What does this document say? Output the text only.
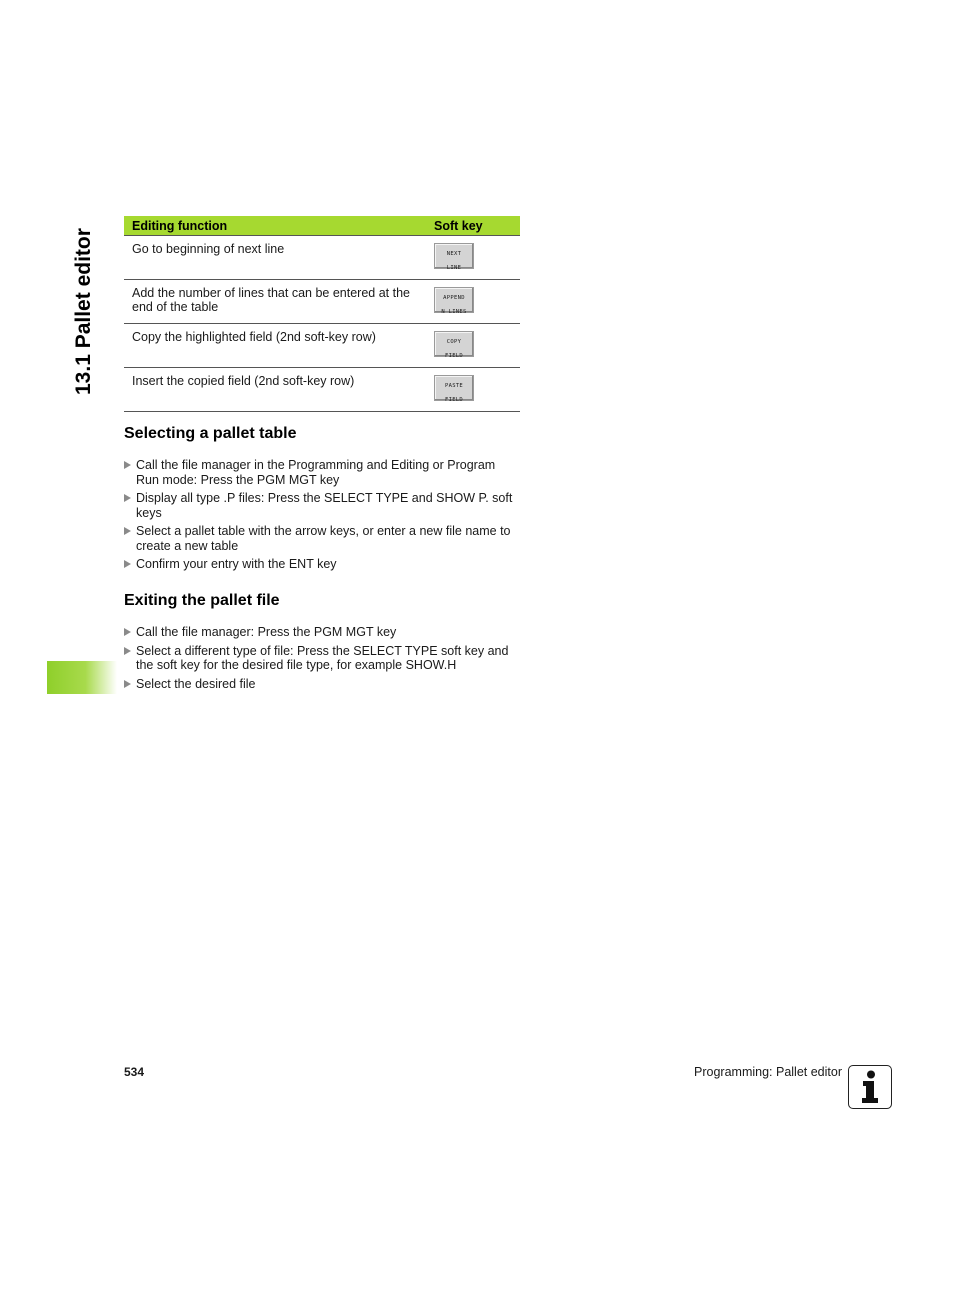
13.1 Pallet editor
Editing function	Soft key
Go to beginning of next line	NEXT
LINE

Add the number of lines that can be entered at the end of the table	APPEND
N LINES

Copy the highlighted field (2nd soft-key row)	COPY
FIELD

Insert the copied field (2nd soft-key row)	PASTE
FIELD
Selecting a pallet table
Call the file manager in the Programming and Editing or Program Run mode: Press the PGM MGT key
Display all type .P files: Press the SELECT TYPE and SHOW P. soft keys
Select a pallet table with the arrow keys, or enter a new file name to create a new table
Confirm your entry with the ENT key
Exiting the pallet file
Call the file manager: Press the PGM MGT key
Select a different type of file: Press the SELECT TYPE soft key and the soft key for the desired file type, for example SHOW.H
Select the desired file
534	Programming: Pallet editor
